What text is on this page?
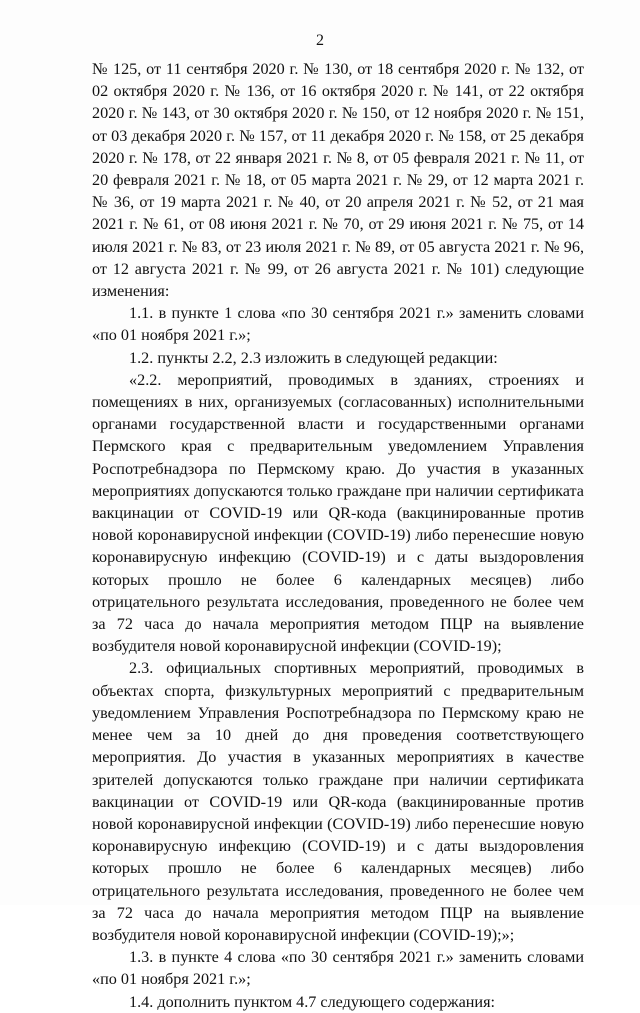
2

№ 125, от 11 сентября 2020 г. № 130, от 18 сентября 2020 г. № 132, от 02 октября 2020 г. № 136, от 16 октября 2020 г. № 141, от 22 октября 2020 г. № 143, от 30 октября 2020 г. № 150, от 12 ноября 2020 г. № 151, от 03 декабря 2020 г. № 157, от 11 декабря 2020 г. № 158, от 25 декабря 2020 г. № 178, от 22 января 2021 г. № 8, от 05 февраля 2021 г. № 11, от 20 февраля 2021 г. № 18, от 05 марта 2021 г. № 29, от 12 марта 2021 г. № 36, от 19 марта 2021 г. № 40, от 20 апреля 2021 г. № 52, от 21 мая 2021 г. № 61, от 08 июня 2021 г. № 70, от 29 июня 2021 г. № 75, от 14 июля 2021 г. № 83, от 23 июля 2021 г. № 89, от 05 августа 2021 г. № 96, от 12 августа 2021 г. № 99, от 26 августа 2021 г. № 101) следующие изменения:

1.1. в пункте 1 слова «по 30 сентября 2021 г.» заменить словами «по 01 ноября 2021 г.»;

1.2. пункты 2.2, 2.3 изложить в следующей редакции:

«2.2. мероприятий, проводимых в зданиях, строениях и помещениях в них, организуемых (согласованных) исполнительными органами государственной власти и государственными органами Пермского края с предварительным уведомлением Управления Роспотребнадзора по Пермскому краю. До участия в указанных мероприятиях допускаются только граждане при наличии сертификата вакцинации от COVID-19 или QR-кода (вакцинированные против новой коронавирусной инфекции (COVID-19) либо перенесшие новую коронавирусную инфекцию (COVID-19) и с даты выздоровления которых прошло не более 6 календарных месяцев) либо отрицательного результата исследования, проведенного не более чем за 72 часа до начала мероприятия методом ПЦР на выявление возбудителя новой коронавирусной инфекции (COVID-19);

2.3. официальных спортивных мероприятий, проводимых в объектах спорта, физкультурных мероприятий с предварительным уведомлением Управления Роспотребнадзора по Пермскому краю не менее чем за 10 дней до дня проведения соответствующего мероприятия. До участия в указанных мероприятиях в качестве зрителей допускаются только граждане при наличии сертификата вакцинации от COVID-19 или QR-кода (вакцинированные против новой коронавирусной инфекции (COVID-19) либо перенесшие новую коронавирусную инфекцию (COVID-19) и с даты выздоровления которых прошло не более 6 календарных месяцев) либо отрицательного результата исследования, проведенного не более чем за 72 часа до начала мероприятия методом ПЦР на выявление возбудителя новой коронавирусной инфекции (COVID-19);»;

1.3. в пункте 4 слова «по 30 сентября 2021 г.» заменить словами «по 01 ноября 2021 г.»;

1.4. дополнить пунктом 4.7 следующего содержания:
